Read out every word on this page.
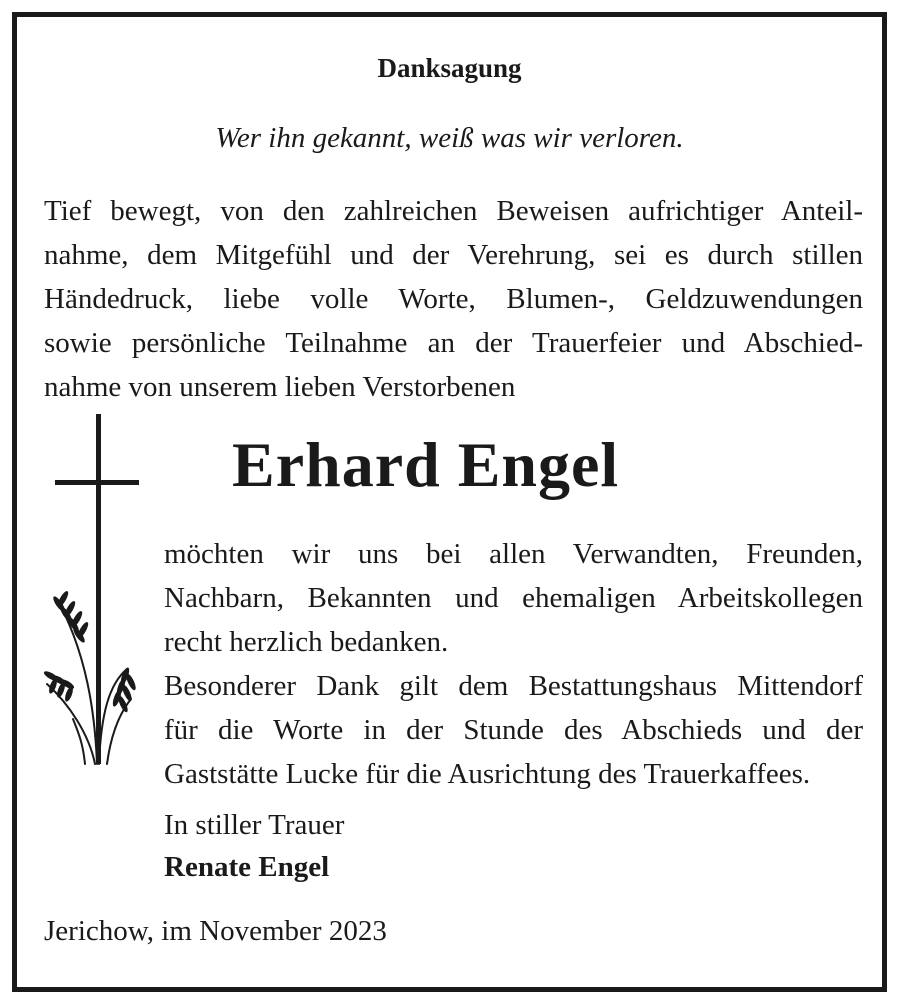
Danksagung
Wer ihn gekannt, weiß was wir verloren.
Tief bewegt, von den zahlreichen Beweisen aufrichtiger Anteil-
nahme, dem Mitgefühl und der Verehrung, sei es durch stillen
Händedruck, liebe volle Worte, Blumen-, Geldzuwendungen
sowie persönliche Teilnahme an der Trauerfeier und Abschied-
nahme von unserem lieben Verstorbenen
Erhard Engel
möchten wir uns bei allen Verwandten, Freunden,
Nachbarn, Bekannten und ehemaligen Arbeitskollegen
recht herzlich bedanken.
Besonderer Dank gilt dem Bestattungshaus Mittendorf
für die Worte in der Stunde des Abschieds und der
Gaststätte Lucke für die Ausrichtung des Trauerkaffees.
In stiller Trauer
Renate Engel
Jerichow, im November 2023
